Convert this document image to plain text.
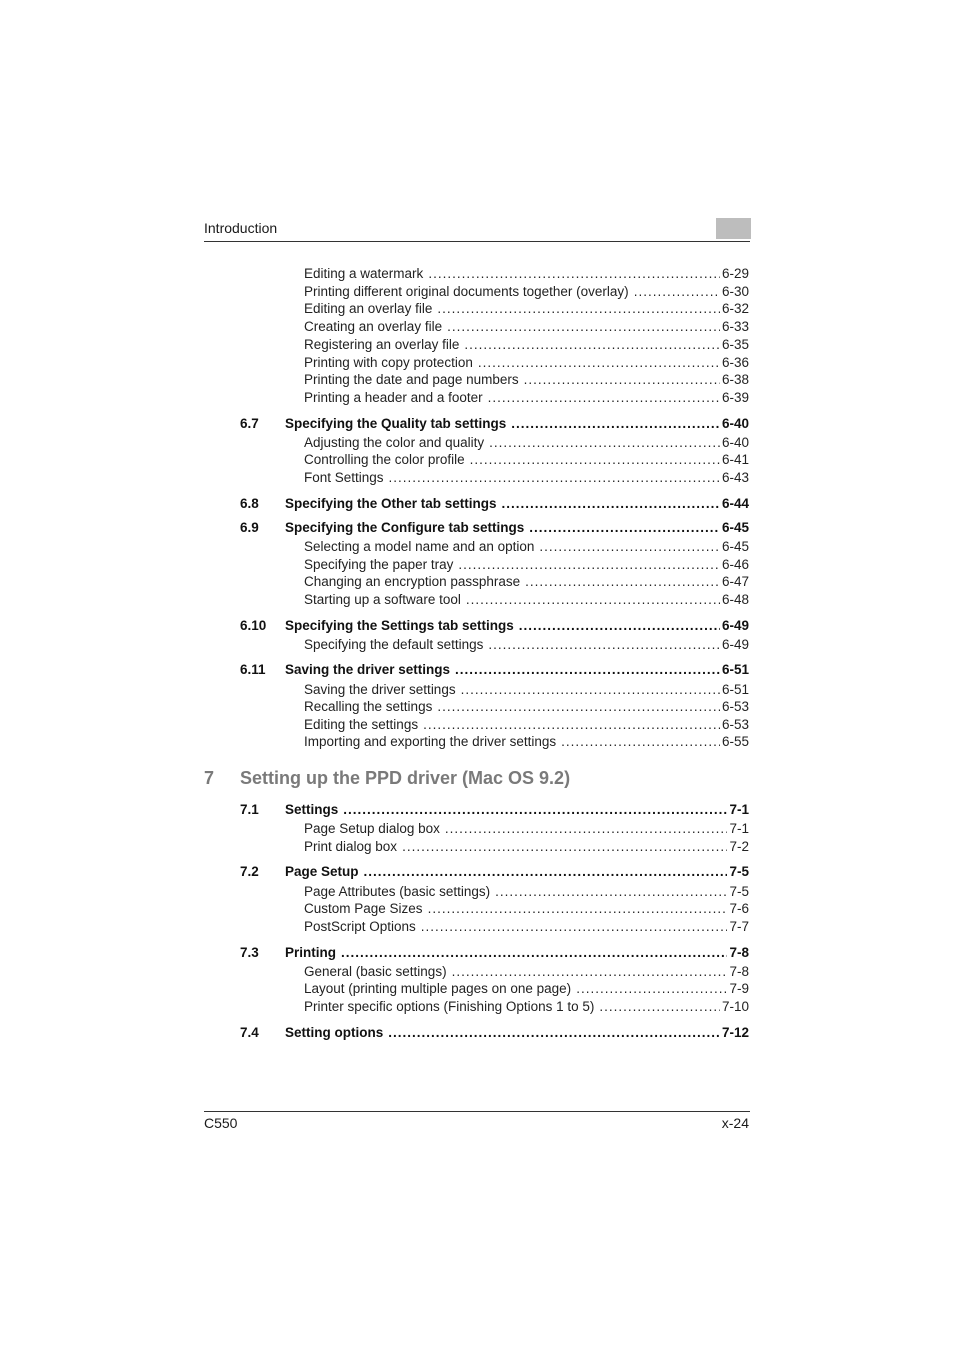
Introduction
Editing a watermark .....	6-29
Printing different original documents together (overlay) .....	6-30
Editing an overlay file .....	6-32
Creating an overlay file .....	6-33
Registering an overlay file .....	6-35
Printing with copy protection .....	6-36
Printing the date and page numbers .....	6-38
Printing a header and a footer .....	6-39
6.7	Specifying the Quality tab settings .....	6-40
Adjusting the color and quality .....	6-40
Controlling the color profile .....	6-41
Font Settings .....	6-43
6.8	Specifying the Other tab settings .....	6-44
6.9	Specifying the Configure tab settings .....	6-45
Selecting a model name and an option .....	6-45
Specifying the paper tray .....	6-46
Changing an encryption passphrase .....	6-47
Starting up a software tool .....	6-48
6.10	Specifying the Settings tab settings .....	6-49
Specifying the default settings .....	6-49
6.11	Saving the driver settings .....	6-51
Saving the driver settings .....	6-51
Recalling the settings .....	6-53
Editing the settings .....	6-53
Importing and exporting the driver settings .....	6-55
7	Setting up the PPD driver (Mac OS 9.2)
7.1	Settings .....	7-1
Page Setup dialog box .....	7-1
Print dialog box .....	7-2
7.2	Page Setup .....	7-5
Page Attributes (basic settings) .....	7-5
Custom Page Sizes .....	7-6
PostScript Options .....	7-7
7.3	Printing .....	7-8
General (basic settings) .....	7-8
Layout (printing multiple pages on one page) .....	7-9
Printer specific options (Finishing Options 1 to 5) .....	7-10
7.4	Setting options .....	7-12
C550	x-24
